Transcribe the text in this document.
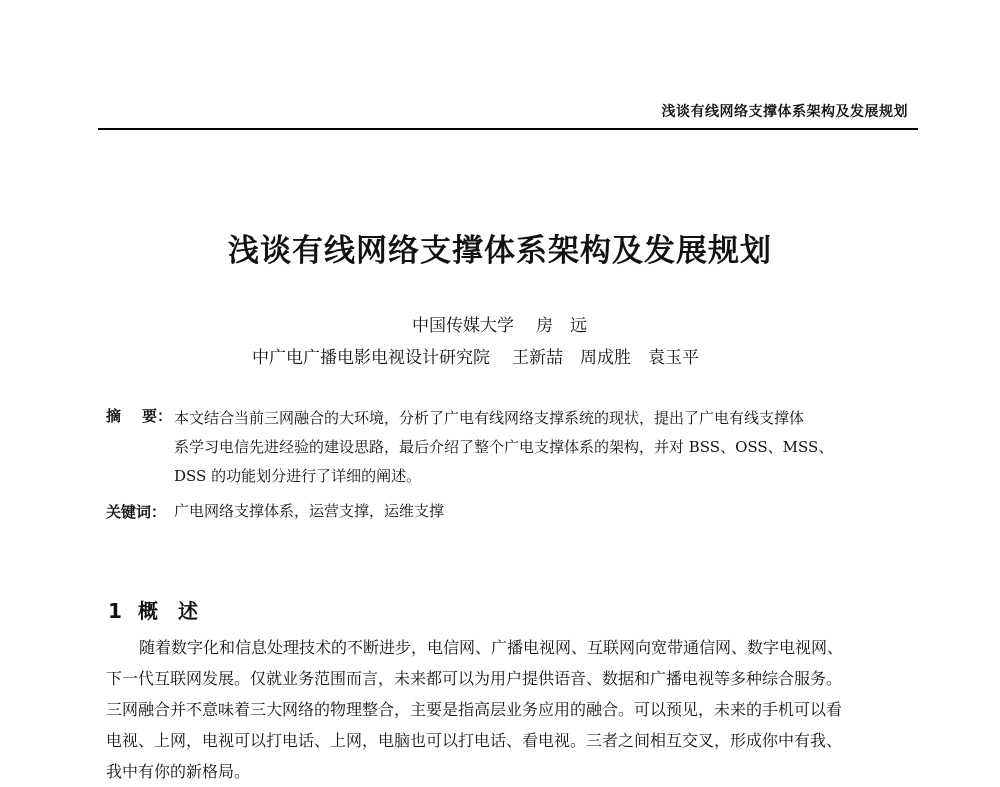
浅谈有线网络支撑体系架构及发展规划
浅谈有线网络支撑体系架构及发展规划
中国传媒大学 房　远
中广电广播电影电视设计研究院 王新喆　周成胜　袁玉平
摘 要： 本文结合当前三网融合的大环境，分析了广电有线网络支撑系统的现状，提出了广电有线支撑体
系学习电信先进经验的建设思路，最后介绍了整个广电支撑体系的架构，并对 BSS、OSS、MSS、
DSS 的功能划分进行了详细的阐述。
关键词： 广电网络支撑体系，运营支撑，运维支撑
1 概　述
随着数字化和信息处理技术的不断进步，电信网、广播电视网、互联网向宽带通信网、数字电视网、
下一代互联网发展。仅就业务范围而言，未来都可以为用户提供语音、数据和广播电视等多种综合服务。
三网融合并不意味着三大网络的物理整合，主要是指高层业务应用的融合。可以预见，未来的手机可以看
电视、上网，电视可以打电话、上网，电脑也可以打电话、看电视。三者之间相互交叉，形成你中有我、
我中有你的新格局。
